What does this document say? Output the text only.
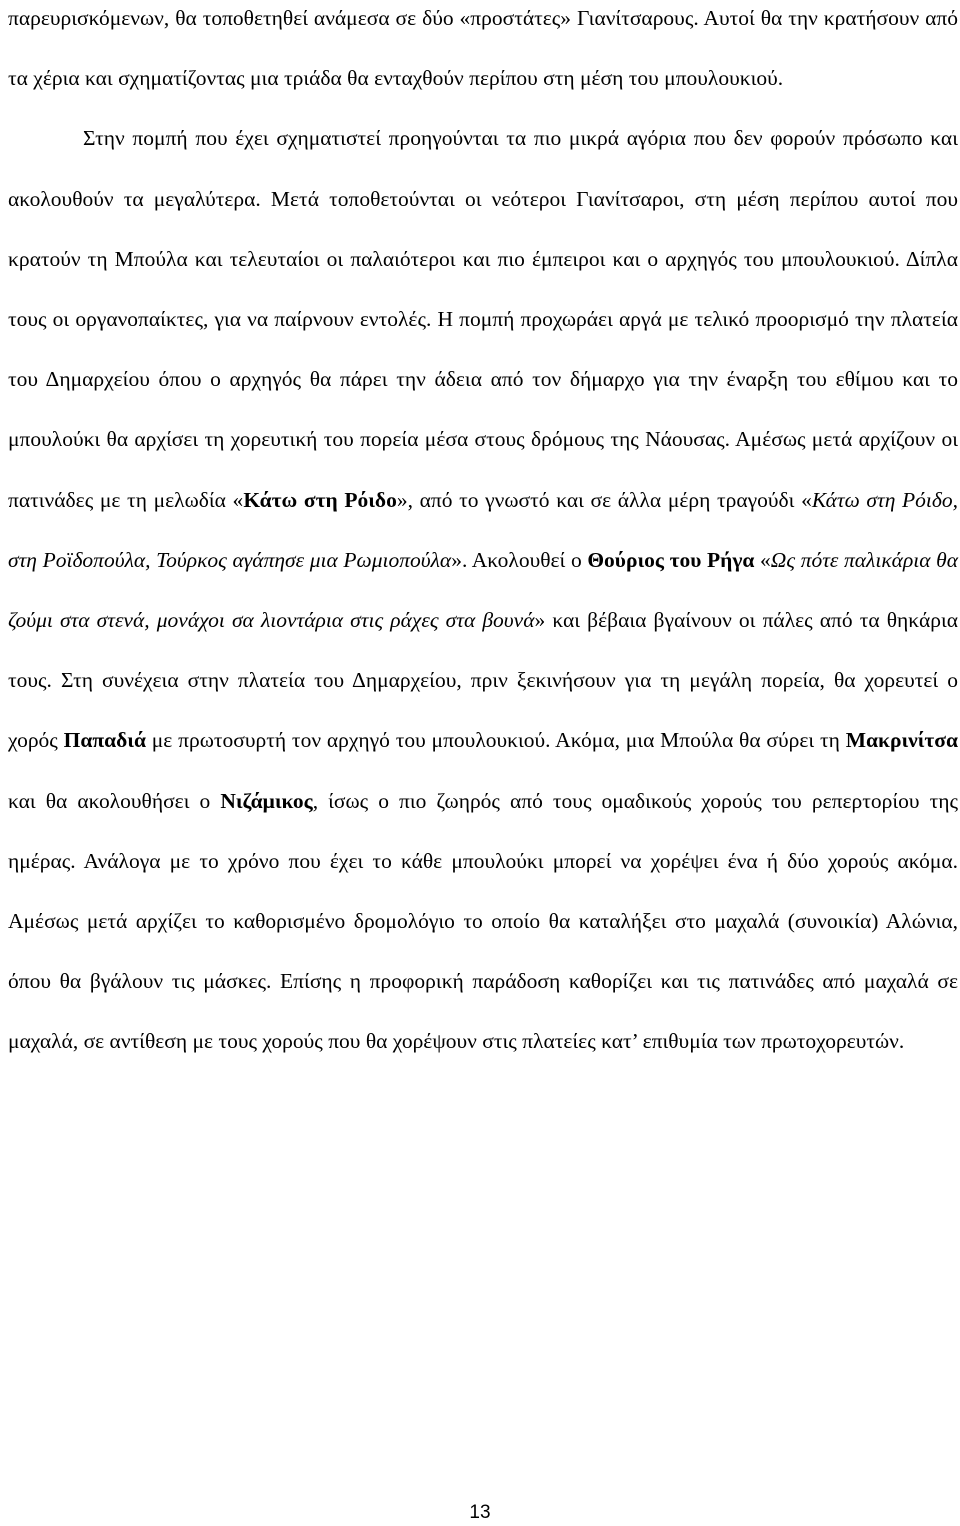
παρευρισκόμενων, θα τοποθετηθεί ανάμεσα σε δύο «προστάτες» Γιανίτσαρους. Αυτοί θα την κρατήσουν από τα χέρια και σχηματίζοντας μια τριάδα θα ενταχθούν περίπου στη μέση του μπουλουκιού.

Στην πομπή που έχει σχηματιστεί προηγούνται τα πιο μικρά αγόρια που δεν φορούν πρόσωπο και ακολουθούν τα μεγαλύτερα. Μετά τοποθετούνται οι νεότεροι Γιανίτσαροι, στη μέση περίπου αυτοί που κρατούν τη Μπούλα και τελευταίοι οι παλαιότεροι και πιο έμπειροι και ο αρχηγός του μπουλουκιού. Δίπλα τους οι οργανοπαίκτες, για να παίρνουν εντολές. Η πομπή προχωράει αργά με τελικό προορισμό την πλατεία του Δημαρχείου όπου ο αρχηγός θα πάρει την άδεια από τον δήμαρχο για την έναρξη του εθίμου και το μπουλούκι θα αρχίσει τη χορευτική του πορεία μέσα στους δρόμους της Νάουσας. Αμέσως μετά αρχίζουν οι πατινάδες με τη μελωδία «Κάτω στη Ρόιδο», από το γνωστό και σε άλλα μέρη τραγούδι «Κάτω στη Ρόιδο, στη Ροϊδοπούλα, Τούρκος αγάπησε μια Ρωμιοπούλα». Ακολουθεί ο Θούριος του Ρήγα «Ως πότε παλικάρια θα ζούμι στα στενά, μονάχοι σα λιοντάρια στις ράχες στα βουνά» και βέβαια βγαίνουν οι πάλες από τα θηκάρια τους. Στη συνέχεια στην πλατεία του Δημαρχείου, πριν ξεκινήσουν για τη μεγάλη πορεία, θα χορευτεί ο χορός Παπαδιά με πρωτοσυρτή τον αρχηγό του μπουλουκιού. Ακόμα, μια Μπούλα θα σύρει τη Μακρινίτσα και θα ακολουθήσει ο Νιζάμικος, ίσως ο πιο ζωηρός από τους ομαδικούς χορούς του ρεπερτορίου της ημέρας. Ανάλογα με το χρόνο που έχει το κάθε μπουλούκι μπορεί να χορέψει ένα ή δύο χορούς ακόμα. Αμέσως μετά αρχίζει το καθορισμένο δρομολόγιο το οποίο θα καταλήξει στο μαχαλά (συνοικία) Αλώνια, όπου θα βγάλουν τις μάσκες. Επίσης η προφορική παράδοση καθορίζει και τις πατινάδες από μαχαλά σε μαχαλά, σε αντίθεση με τους χορούς που θα χορέψουν στις πλατείες κατ’ επιθυμία των πρωτοχορευτών.

13
